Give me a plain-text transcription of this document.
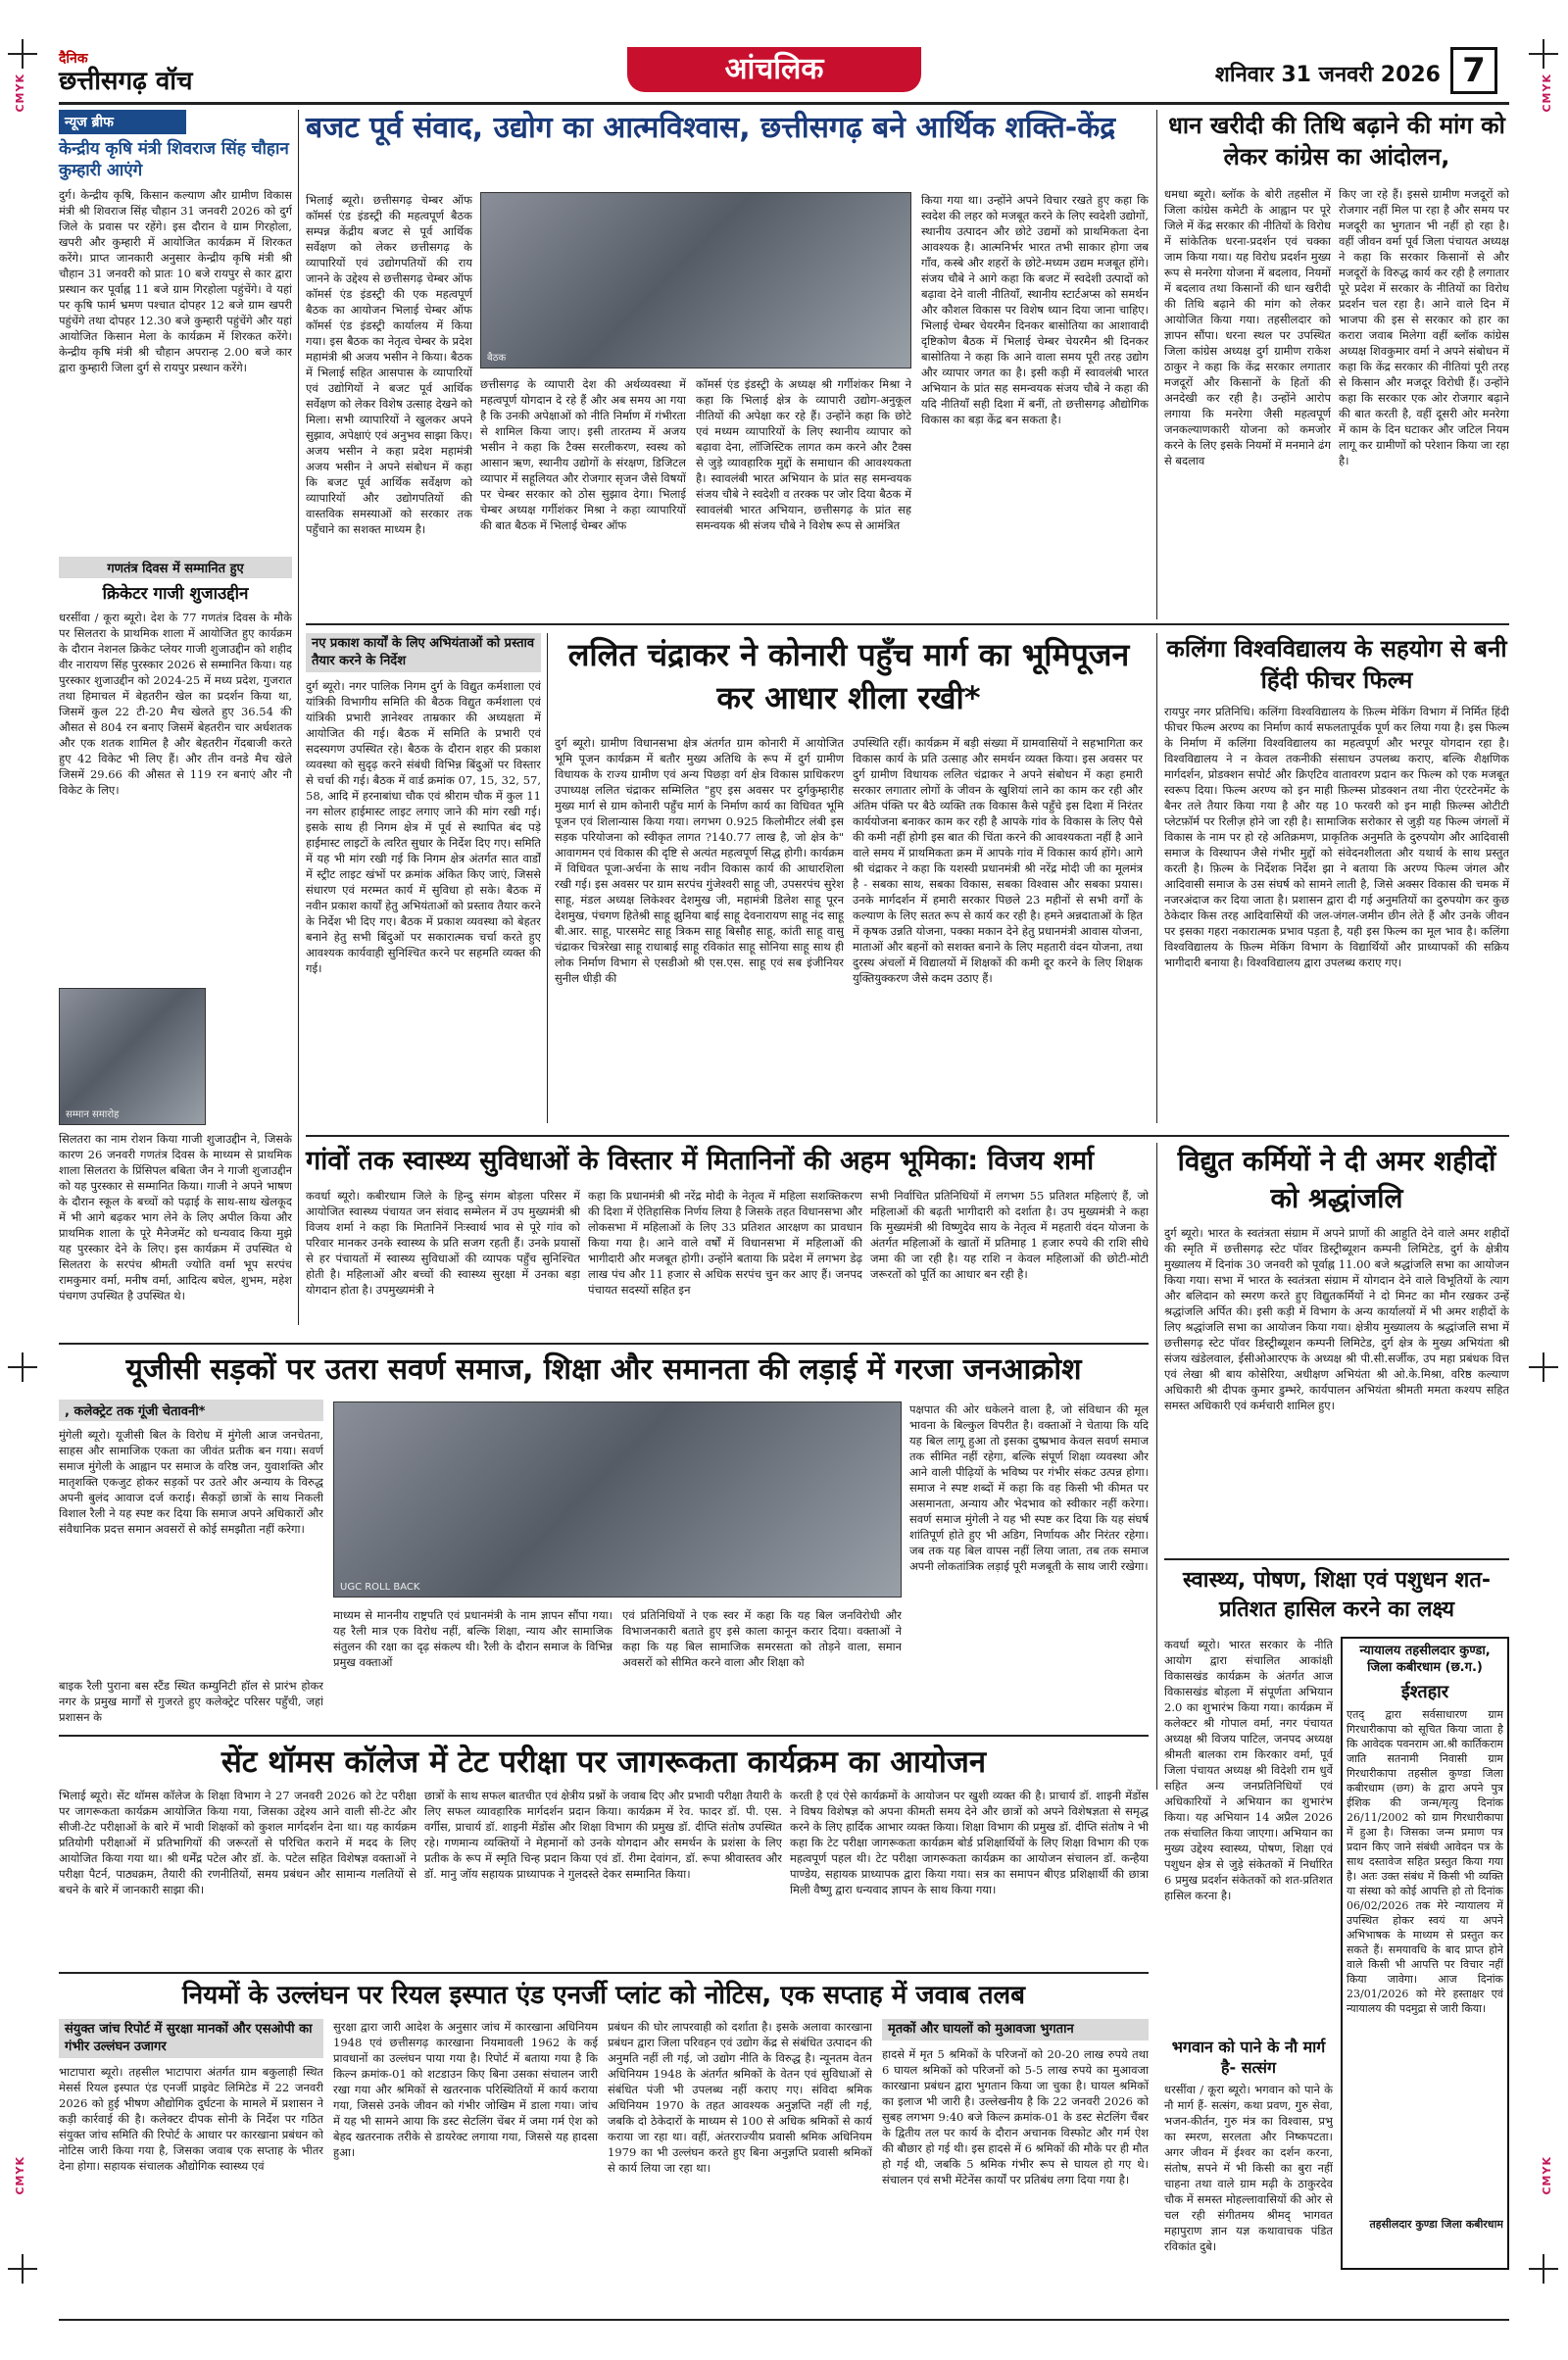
CMYK	CMYK
CMYK	CMYK
दैनिक
छत्तीसगढ़ वॉच	आंचलिक	शनिवार 31 जनवरी 2026 7
न्यूज ब्रीफ
केन्द्रीय कृषि मंत्री शिवराज सिंह चौहान कुम्हारी आएंगे
दुर्ग। केन्द्रीय कृषि, किसान कल्याण और ग्रामीण विकास मंत्री श्री शिवराज सिंह चौहान 31 जनवरी 2026 को दुर्ग जिले के प्रवास पर रहेंगे। इस दौरान वे ग्राम गिरहोला, खपरी और कुम्हारी में आयोजित कार्यक्रम में शिरकत करेंगे। प्राप्त जानकारी अनुसार केन्द्रीय कृषि मंत्री श्री चौहान 31 जनवरी को प्रातः 10 बजे रायपुर से कार द्वारा प्रस्थान कर पूर्वाह्न 11 बजे ग्राम गिरहोला पहुंचेंगे। वे यहां पर कृषि फार्म भ्रमण पश्चात दोपहर 12 बजे ग्राम खपरी पहुंचेंगे तथा दोपहर 12.30 बजे कुम्हारी पहुंचेंगे और यहां आयोजित किसान मेला के कार्यक्रम में शिरकत करेंगे। केन्द्रीय कृषि मंत्री श्री चौहान अपरान्ह 2.00 बजे कार द्वारा कुम्हारी जिला दुर्ग से रायपुर प्रस्थान करेंगे।
गणतंत्र दिवस में सम्मानित हुए
क्रिकेटर गाजी शुजाउद्दीन
धरसींवा / कूरा ब्यूरो। देश के 77 गणतंत्र दिवस के मौके पर सिलतरा के प्राथमिक शाला में आयोजित हुए कार्यक्रम के दौरान नेशनल क्रिकेट प्लेयर गाजी शुजाउद्दीन को शहीद वीर नारायण सिंह पुरस्कार 2026 से सम्मानित किया। यह पुरस्कार शुजाउद्दीन को 2024-25 में मध्य प्रदेश, गुजरात तथा हिमाचल में बेहतरीन खेल का प्रदर्शन किया था, जिसमें कुल 22 टी-20 मैच खेलते हुए 36.54 की औसत से 804 रन बनाए जिसमें बेहतरीन चार अर्धशतक और एक शतक शामिल है और बेहतरीन गेंदबाजी करते हुए 42 विकेट भी लिए हैं। और तीन वनडे मैच खेले जिसमें 29.66 की औसत से 119 रन बनाएं और नौ विकेट के लिए।
सम्मान समारोह
सिलतरा का नाम रोशन किया गाजी शुजाउद्दीन ने, जिसके कारण 26 जनवरी गणतंत्र दिवस के माध्यम से प्राथमिक शाला सिलतरा के प्रिंसिपल बबिता जैन ने गाजी शुजाउद्दीन को यह पुरस्कार से सम्मानित किया। गाजी ने अपने भाषण के दौरान स्कूल के बच्चों को पढ़ाई के साथ-साथ खेलकूद में भी आगे बढ़कर भाग लेने के लिए अपील किया और प्राथमिक शाला के पूरे मैनेजमेंट को धन्यवाद किया मुझे यह पुरस्कार देने के लिए। इस कार्यक्रम में उपस्थित थे सिलतरा के सरपंच श्रीमती ज्योति वर्मा भूप सरपंच रामकुमार वर्मा, मनीष वर्मा, आदित्य बघेल, शुभम, महेश पंचगण उपस्थित है उपस्थित थे।
बजट पूर्व संवाद, उद्योग का आत्मविश्वास, छत्तीसगढ़ बने आर्थिक शक्ति-केंद्र
भिलाई ब्यूरो। छत्तीसगढ़ चेम्बर ऑफ कॉमर्स एंड इंडस्ट्री की महत्वपूर्ण बैठक सम्पन्न केंद्रीय बजट से पूर्व आर्थिक सर्वेक्षण को लेकर छत्तीसगढ़ के व्यापारियों एवं उद्योगपतियों की राय जानने के उद्देश्य से छत्तीसगढ़ चेम्बर ऑफ कॉमर्स एंड इंडस्ट्री की एक महत्वपूर्ण बैठक का आयोजन भिलाई चेम्बर ऑफ कॉमर्स एंड इंडस्ट्री कार्यालय में किया गया। इस बैठक का नेतृत्व चेम्बर के प्रदेश महामंत्री श्री अजय भसीन ने किया। बैठक में भिलाई सहित आसपास के व्यापारियों एवं उद्योगियों ने बजट पूर्व आर्थिक सर्वेक्षण को लेकर विशेष उत्साह देखने को मिला। सभी व्यापारियों ने खुलकर अपने सुझाव, अपेक्षाएं एवं अनुभव साझा किए। अजय भसीन ने कहा प्रदेश महामंत्री अजय भसीन ने अपने संबोधन में कहा कि बजट पूर्व आर्थिक सर्वेक्षण को व्यापारियों और उद्योगपतियों की वास्तविक समस्याओं को सरकार तक पहुँचाने का सशक्त माध्यम है।
बैठक
छत्तीसगढ़ के व्यापारी देश की अर्थव्यवस्था में महत्वपूर्ण योगदान दे रहे हैं और अब समय आ गया है कि उनकी अपेक्षाओं को नीति निर्माण में गंभीरता से शामिल किया जाए। इसी तारतम्य में अजय भसीन ने कहा कि टैक्स सरलीकरण, स्वस्थ को आसान ऋण, स्थानीय उद्योगों के संरक्षण, डिजिटल व्यापार में सहूलियत और रोजगार सृजन जैसे विषयों पर चेम्बर सरकार को ठोस सुझाव देगा। भिलाई चेम्बर अध्यक्ष गर्गीशंकर मिश्रा ने कहा व्यापारियों की बात बैठक में भिलाई चेम्बर ऑफ
कॉमर्स एंड इंडस्ट्री के अध्यक्ष श्री गर्गीशंकर मिश्रा ने कहा कि भिलाई क्षेत्र के व्यापारी उद्योग-अनुकूल नीतियों की अपेक्षा कर रहे हैं। उन्होंने कहा कि छोटे एवं मध्यम व्यापारियों के लिए स्थानीय व्यापार को बढ़ावा देना, लॉजिस्टिक लागत कम करने और टैक्स से जुड़े व्यावहारिक मुद्दों के समाधान की आवश्यकता है। स्वावलंबी भारत अभियान के प्रांत सह समन्वयक संजय चौबे ने स्वदेशी व तरक्क पर जोर दिया बैठक में स्वावलंबी भारत अभियान, छत्तीसगढ़ के प्रांत सह समन्वयक श्री संजय चौबे ने विशेष रूप से आमंत्रित
किया गया था। उन्होंने अपने विचार रखते हुए कहा कि स्वदेश की लहर को मजबूत करने के लिए स्वदेशी उद्योगों, स्थानीय उत्पादन और छोटे उद्यमों को प्राथमिकता देना आवश्यक है। आत्मनिर्भर भारत तभी साकार होगा जब गाँव, कस्बे और शहरों के छोटे-मध्यम उद्यम मजबूत होंगे। संजय चौबे ने आगे कहा कि बजट में स्वदेशी उत्पादों को बढ़ावा देने वाली नीतियाँ, स्थानीय स्टार्टअप्स को समर्थन और कौशल विकास पर विशेष ध्यान दिया जाना चाहिए। भिलाई चेम्बर चेयरमैन दिनकर बासोतिया का आशावादी दृष्टिकोण बैठक में भिलाई चेम्बर चेयरमैन श्री दिनकर बासोतिया ने कहा कि आने वाला समय पूरी तरह उद्योग और व्यापार जगत का है। इसी कड़ी में स्वावलंबी भारत अभियान के प्रांत सह समन्वयक संजय चौबे ने कहा की यदि नीतियाँ सही दिशा में बनीं, तो छत्तीसगढ़ औद्योगिक विकास का बड़ा केंद्र बन सकता है।
धान खरीदी की तिथि बढ़ाने की मांग को लेकर कांग्रेस का आंदोलन,
धमधा ब्यूरो। ब्लॉक के बोरी तहसील में जिला कांग्रेस कमेटी के आह्वान पर पूरे जिले में केंद्र सरकार की नीतियों के विरोध में सांकेतिक धरना-प्रदर्शन एवं चक्का जाम किया गया। यह विरोध प्रदर्शन मुख्य रूप से मनरेगा योजना में बदलाव, नियमों में बदलाव तथा किसानों की धान खरीदी की तिथि बढ़ाने की मांग को लेकर आयोजित किया गया। तहसीलदार को ज्ञापन सौंपा। धरना स्थल पर उपस्थित जिला कांग्रेस अध्यक्ष दुर्ग ग्रामीण राकेश ठाकुर ने कहा कि केंद्र सरकार लगातार मजदूरों और किसानों के हितों की अनदेखी कर रही है। उन्होंने आरोप लगाया कि मनरेगा जैसी महत्वपूर्ण जनकल्याणकारी योजना को कमजोर करने के लिए इसके नियमों में मनमाने ढंग से बदलाव
किए जा रहे हैं। इससे ग्रामीण मजदूरों को रोजगार नहीं मिल पा रहा है और समय पर मजदूरी का भुगतान भी नहीं हो रहा है। वहीं जीवन वर्मा पूर्व जिला पंचायत अध्यक्ष ने कहा कि सरकार किसानों से और मजदूरों के विरुद्ध कार्य कर रही है लगातार पूरे प्रदेश में सरकार के नीतियों का विरोध प्रदर्शन चल रहा है। आने वाले दिन में भाजपा की इस से सरकार को हार का करारा जवाब मिलेगा वहीं ब्लॉक कांग्रेस अध्यक्ष शिवकुमार वर्मा ने अपने संबोधन में कहा कि केंद्र सरकार की नीतियां पूरी तरह से किसान और मजदूर विरोधी हैं। उन्होंने कहा कि सरकार एक ओर रोजगार बढ़ाने की बात करती है, वहीं दूसरी ओर मनरेगा में काम के दिन घटाकर और जटिल नियम लागू कर ग्रामीणों को परेशान किया जा रहा है।
नए प्रकाश कार्यों के लिए अभियंताओं को प्रस्ताव तैयार करने के निर्देश
दुर्ग ब्यूरो। नगर पालिक निगम दुर्ग के विद्युत कर्मशाला एवं यांत्रिकी विभागीय समिति की बैठक विद्युत कर्मशाला एवं यांत्रिकी प्रभारी ज्ञानेश्वर ताम्रकार की अध्यक्षता में आयोजित की गई। बैठक में समिति के प्रभारी एवं सदस्यगण उपस्थित रहे। बैठक के दौरान शहर की प्रकाश व्यवस्था को सुदृढ़ करने संबंधी विभिन्न बिंदुओं पर विस्तार से चर्चा की गई। बैठक में वार्ड क्रमांक 07, 15, 32, 57, 58, आदि में हरनाबांधा चौक एवं श्रीराम चौक में कुल 11 नग सोलर हाईमास्ट लाइट लगाए जाने की मांग रखी गई। इसके साथ ही निगम क्षेत्र में पूर्व से स्थापित बंद पड़े हाईमास्ट लाइटों के त्वरित सुधार के निर्देश दिए गए। समिति में यह भी मांग रखी गई कि निगम क्षेत्र अंतर्गत सात वार्डों में स्ट्रीट लाइट खंभों पर क्रमांक अंकित किए जाएं, जिससे संधारण एवं मरम्मत कार्य में सुविधा हो सके। बैठक में नवीन प्रकाश कार्यों हेतु अभियंताओं को प्रस्ताव तैयार करने के निर्देश भी दिए गए। बैठक में प्रकाश व्यवस्था को बेहतर बनाने हेतु सभी बिंदुओं पर सकारात्मक चर्चा करते हुए आवश्यक कार्यवाही सुनिश्चित करने पर सहमति व्यक्त की गई।
ललित चंद्राकर ने कोनारी पहुँच मार्ग का भूमिपूजन कर आधार शीला रखी*
दुर्ग ब्यूरो। ग्रामीण विधानसभा क्षेत्र अंतर्गत ग्राम कोनारी में आयोजित भूमि पूजन कार्यक्रम में बतौर मुख्य अतिथि के रूप में दुर्ग ग्रामीण विधायक के राज्य ग्रामीण एवं अन्य पिछड़ा वर्ग क्षेत्र विकास प्राधिकरण उपाध्यक्ष ललित चंद्राकर सम्मिलित "हुए इस अवसर पर दुर्गकुम्हारीह मुख्य मार्ग से ग्राम कोनारी पहुँच मार्ग के निर्माण कार्य का विधिवत भूमि पूजन एवं शिलान्यास किया गया। लगभग 0.925 किलोमीटर लंबी इस सड़क परियोजना को स्वीकृत लागत ?140.77 लाख है, जो क्षेत्र के" आवागमन एवं विकास की दृष्टि से अत्यंत महत्वपूर्ण सिद्ध होगी। कार्यक्रम में विधिवत पूजा-अर्चना के साथ नवीन विकास कार्य की आधारशिला रखी गई। इस अवसर पर ग्राम सरपंच गुंजेश्वरी साहू जी, उपसरपंच सुरेश साहू, मंडल अध्यक्ष लिकेश्वर देशमुख जी, महामंत्री डिलेश साहू पूरन देशमुख, पंचगण हितेश्री साहू झुनिया बाई साहू देवनारायण साहू नंद साहू बी.आर. साहू, पारसमेट साहू त्रिकम साहू बिसौह साहू, कांती साहू वासु चंद्राकर चित्ररेखा साहू राधाबाई साहू रविकांत साहू सोनिया साहू साथ ही लोक निर्माण विभाग से एसडीओ श्री एस.एस. साहू एवं सब इंजीनियर सुनील धीड़ी की
उपस्थिति रहीं। कार्यक्रम में बड़ी संख्या में ग्रामवासियों ने सहभागिता कर विकास कार्य के प्रति उत्साह और समर्थन व्यक्त किया। इस अवसर पर दुर्ग ग्रामीण विधायक ललित चंद्राकर ने अपने संबोधन में कहा हमारी सरकार लगातार लोगों के जीवन के खुशियां लाने का काम कर रही और अंतिम पंक्ति पर बैठे व्यक्ति तक विकास कैसे पहुँचे इस दिशा में निरंतर कार्ययोजना बनाकर काम कर रही है आपके गांव के विकास के लिए पैसे की कमी नहीं होगी इस बात की चिंता करने की आवश्यकता नहीं है आने वाले समय में प्राथमिकता क्रम में आपके गांव में विकास कार्य होंगे। आगे श्री चंद्राकर ने कहा कि यशस्वी प्रधानमंत्री श्री नरेंद्र मोदी जी का मूलमंत्र है - सबका साथ, सबका विकास, सबका विश्वास और सबका प्रयास। उनके मार्गदर्शन में हमारी सरकार पिछले 23 महीनों से सभी वर्गों के कल्याण के लिए सतत रूप से कार्य कर रही है। हमने अन्नदाताओं के हित में कृषक उन्नति योजना, पक्का मकान देने हेतु प्रधानमंत्री आवास योजना, माताओं और बहनों को सशक्त बनाने के लिए महतारी वंदन योजना, तथा दुरस्थ अंचलों में विद्यालयों में शिक्षकों की कमी दूर करने के लिए शिक्षक युक्तियुक्करण जैसे कदम उठाए हैं।
कलिंगा विश्वविद्यालय के सहयोग से बनी हिंदी फीचर फिल्म
रायपुर नगर प्रतिनिधि। कलिंगा विश्वविद्यालय के फ़िल्म मेकिंग विभाग में निर्मित हिंदी फीचर फिल्म अरण्य का निर्माण कार्य सफलतापूर्वक पूर्ण कर लिया गया है। इस फिल्म के निर्माण में कलिंगा विश्वविद्यालय का महत्वपूर्ण और भरपूर योगदान रहा है। विश्वविद्यालय ने न केवल तकनीकी संसाधन उपलब्ध कराए, बल्कि शैक्षणिक मार्गदर्शन, प्रोडक्शन सपोर्ट और क्रिएटिव वातावरण प्रदान कर फिल्म को एक मजबूत स्वरूप दिया। फिल्म अरण्य को इन माही फ़िल्म्स प्रोडक्शन तथा नीरा एंटरटेनमेंट के बैनर तले तैयार किया गया है और यह 10 फरवरी को इन माही फ़िल्म्स ओटीटी प्लेटफ़ॉर्म पर रिलीज़ होने जा रही है। सामाजिक सरोकार से जुड़ी यह फिल्म जंगलों में विकास के नाम पर हो रहे अतिक्रमण, प्राकृतिक अनुमति के दुरुपयोग और आदिवासी समाज के विस्थापन जैसे गंभीर मुद्दों को संवेदनशीलता और यथार्थ के साथ प्रस्तुत करती है। फ़िल्म के निर्देशक निर्देश झा ने बताया कि अरण्य फिल्म जंगल और आदिवासी समाज के उस संघर्ष को सामने लाती है, जिसे अक्सर विकास की चमक में नजरअंदाज कर दिया जाता है। प्रशासन द्वारा दी गई अनुमतियों का दुरुपयोग कर कुछ ठेकेदार किस तरह आदिवासियों की जल-जंगल-जमीन छीन लेते हैं और उनके जीवन पर इसका गहरा नकारात्मक प्रभाव पड़ता है, यही इस फिल्म का मूल भाव है। कलिंगा विश्वविद्यालय के फ़िल्म मेकिंग विभाग के विद्यार्थियों और प्राध्यापकों की सक्रिय भागीदारी बनाया है। विश्वविद्यालय द्वारा उपलब्ध कराए गए।
गांवों तक स्वास्थ्य सुविधाओं के विस्तार में मितानिनों की अहम भूमिका: विजय शर्मा
कवर्धा ब्यूरो। कबीरधाम जिले के हिन्दु संगम बोड़ला परिसर में आयोजित स्वास्थ्य पंचायत जन संवाद सम्मेलन में उप मुख्यमंत्री श्री विजय शर्मा ने कहा कि मितानिनें निःस्वार्थ भाव से पूरे गांव को परिवार मानकर उनके स्वास्थ्य के प्रति सजग रहती हैं। उनके प्रयासों से हर पंचायतों में स्वास्थ्य सुविधाओं की व्यापक पहुँच सुनिश्चित होती है। महिलाओं और बच्चों की स्वास्थ्य सुरक्षा में उनका बड़ा योगदान होता है। उपमुख्यमंत्री ने
कहा कि प्रधानमंत्री श्री नरेंद्र मोदी के नेतृत्व में महिला सशक्तिकरण की दिशा में ऐतिहासिक निर्णय लिया है जिसके तहत विधानसभा और लोकसभा में महिलाओं के लिए 33 प्रतिशत आरक्षण का प्रावधान किया गया है। आने वाले वर्षों में विधानसभा में महिलाओं की भागीदारी और मजबूत होगी। उन्होंने बताया कि प्रदेश में लगभग डेढ़ लाख पंच और 11 हजार से अधिक सरपंच चुन कर आए हैं। जनपद पंचायत सदस्यों सहित इन
सभी निर्वाचित प्रतिनिधियों में लगभग 55 प्रतिशत महिलाएं हैं, जो महिलाओं की बढ़ती भागीदारी को दर्शाता है। उप मुख्यमंत्री ने कहा कि मुख्यमंत्री श्री विष्णुदेव साय के नेतृत्व में महतारी वंदन योजना के अंतर्गत महिलाओं के खातों में प्रतिमाह 1 हजार रुपये की राशि सीधे जमा की जा रही है। यह राशि न केवल महिलाओं की छोटी-मोटी जरूरतों को पूर्ति का आधार बन रही है।
विद्युत कर्मियों ने दी अमर शहीदों को श्रद्धांजलि
दुर्ग ब्यूरो। भारत के स्वतंत्रता संग्राम में अपने प्राणों की आहुति देने वाले अमर शहीदों की स्मृति में छत्तीसगढ़ स्टेट पॉवर डिस्ट्रीब्यूशन कम्पनी लिमिटेड, दुर्ग के क्षेत्रीय मुख्यालय में दिनांक 30 जनवरी को पूर्वाह्न 11.00 बजे श्रद्धांजलि सभा का आयोजन किया गया। सभा में भारत के स्वतंत्रता संग्राम में योगदान देने वाले विभूतियों के त्याग और बलिदान को स्मरण करते हुए विद्युतकर्मियों ने दो मिनट का मौन रखकर उन्हें श्रद्धांजलि अर्पित की। इसी कड़ी में विभाग के अन्य कार्यालयों में भी अमर शहीदों के लिए श्रद्धांजलि सभा का आयोजन किया गया। क्षेत्रीय मुख्यालय के श्रद्धांजलि सभा में छत्तीसगढ़ स्टेट पॉवर डिस्ट्रीब्यूशन कम्पनी लिमिटेड, दुर्ग क्षेत्र के मुख्य अभियंता श्री संजय खंडेलवाल, ईसीओआरएफ के अध्यक्ष श्री पी.सी.सर्जीक, उप महा प्रबंधक वित्त एवं लेखा श्री बाय कोसेरिया, अधीक्षण अभियंता श्री ओ.के.मिश्रा, वरिष्ठ कल्याण अधिकारी श्री दीपक कुमार डुम्भरे, कार्यपालन अभियंता श्रीमती ममता कश्यप सहित समस्त अधिकारी एवं कर्मचारी शामिल हुए।
यूजीसी सड़कों पर उतरा सवर्ण समाज, शिक्षा और समानता की लड़ाई में गरजा जनआक्रोश
, कलेक्ट्रेट तक गूंजी चेतावनी*
मुंगेली ब्यूरो। यूजीसी बिल के विरोध में मुंगेली आज जनचेतना, साहस और सामाजिक एकता का जीवंत प्रतीक बन गया। सवर्ण समाज मुंगेली के आह्वान पर समाज के वरिष्ठ जन, युवाशक्ति और मातृशक्ति एकजुट होकर सड़कों पर उतरे और अन्याय के विरुद्ध अपनी बुलंद आवाज दर्ज कराई। सैकड़ों छात्रों के साथ निकली विशाल रैली ने यह स्पष्ट कर दिया कि समाज अपने अधिकारों और संवैधानिक प्रदत्त समान अवसरों से कोई समझौता नहीं करेगा।
बाइक रैली पुराना बस स्टैंड स्थित कम्युनिटी हॉल से प्रारंभ होकर नगर के प्रमुख मार्गों से गुजरते हुए कलेक्ट्रेट परिसर पहुँची, जहां प्रशासन के
UGC ROLL BACK
माध्यम से माननीय राष्ट्रपति एवं प्रधानमंत्री के नाम ज्ञापन सौंपा गया। यह रैली मात्र एक विरोध नहीं, बल्कि शिक्षा, न्याय और सामाजिक संतुलन की रक्षा का दृढ़ संकल्प थी। रैली के दौरान समाज के विभिन्न प्रमुख वक्ताओं
एवं प्रतिनिधियों ने एक स्वर में कहा कि यह बिल जनविरोधी और विभाजनकारी बताते हुए इसे काला कानून करार दिया। वक्ताओं ने कहा कि यह बिल सामाजिक समरसता को तोड़ने वाला, समान अवसरों को सीमित करने वाला और शिक्षा को
पक्षपात की ओर धकेलने वाला है, जो संविधान की मूल भावना के बिल्कुल विपरीत है। वक्ताओं ने चेताया कि यदि यह बिल लागू हुआ तो इसका दुष्प्रभाव केवल सवर्ण समाज तक सीमित नहीं रहेगा, बल्कि संपूर्ण शिक्षा व्यवस्था और आने वाली पीढ़ियों के भविष्य पर गंभीर संकट उत्पन्न होगा। समाज ने स्पष्ट शब्दों में कहा कि वह किसी भी कीमत पर असमानता, अन्याय और भेदभाव को स्वीकार नहीं करेगा। सवर्ण समाज मुंगेली ने यह भी स्पष्ट कर दिया कि यह संघर्ष शांतिपूर्ण होते हुए भी अडिग, निर्णायक और निरंतर रहेगा। जब तक यह बिल वापस नहीं लिया जाता, तब तक समाज अपनी लोकतांत्रिक लड़ाई पूरी मजबूती के साथ जारी रखेगा।
स्वास्थ्य, पोषण, शिक्षा एवं पशुधन शत-प्रतिशत हासिल करने का लक्ष्य
कवर्धा ब्यूरो। भारत सरकार के नीति आयोग द्वारा संचालित आकांक्षी विकासखंड कार्यक्रम के अंतर्गत आज विकासखंड बोड़ला में संपूर्णता अभियान 2.0 का शुभारंभ किया गया। कार्यक्रम में कलेक्टर श्री गोपाल वर्मा, नगर पंचायत अध्यक्ष श्री विजय पाटिल, जनपद अध्यक्ष श्रीमती बालका राम किरकार वर्मा, पूर्व जिला पंचायत अध्यक्ष श्री विदेशी राम धुर्वे सहित अन्य जनप्रतिनिधियों एवं अधिकारियों ने अभियान का शुभारंभ किया। यह अभियान 14 अप्रैल 2026 तक संचालित किया जाएगा। अभियान का मुख्य उद्देश्य स्वास्थ्य, पोषण, शिक्षा एवं पशुधन क्षेत्र से जुड़े संकेतकों में निर्धारित 6 प्रमुख प्रदर्शन संकेतकों को शत-प्रतिशत हासिल करना है।
न्यायालय तहसीलदार कुण्डा, जिला कबीरधाम (छ.ग.)
ईश्तहार
एतद् द्वारा सर्वसाधारण ग्राम गिरधारीकापा को सूचित किया जाता है कि आवेदक पवनराम आ.श्री कार्तिकराम जाति सतनामी निवासी ग्राम गिरधारीकापा तहसील कुण्डा जिला कबीरधाम (छग) के द्वारा अपने पुत्र ईशिक की जन्म/मृत्यु दिनांक 26/11/2002 को ग्राम गिरधारीकापा में हुआ है। जिसका जन्म प्रमाण पत्र प्रदान किए जाने संबंधी आवेदन पत्र के साथ दस्तावेज सहित प्रस्तुत किया गया है। अतः उक्त संबंध में किसी भी व्यक्ति या संस्था को कोई आपत्ति हो तो दिनांक 06/02/2026 तक मेरे न्यायालय में उपस्थित होकर स्वयं या अपने अभिभाषक के माध्यम से प्रस्तुत कर सकते हैं। समयावधि के बाद प्राप्त होने वाले किसी भी आपत्ति पर विचार नहीं किया जावेगा। आज दिनांक 23/01/2026 को मेरे हस्ताक्षर एवं न्यायालय की पदमुद्रा से जारी किया।
तहसीलदार कुण्डा जिला कबीरधाम
भगवान को पाने के नौ मार्ग है- सत्संग
धरसींवा / कूरा ब्यूरो। भगवान को पाने के नौ मार्ग हैं- सत्संग, कथा प्रवण, गुरु सेवा, भजन-कीर्तन, गुरु मंत्र का विश्वास, प्रभु का स्मरण, सरलता और निष्कपटता। अगर जीवन में ईश्वर का दर्शन करना, संतोष, सपने में भी किसी का बुरा नहीं चाहना तथा वाले ग्राम मढ़ी के ठाकुरदेव चौक में समस्त मोहल्लावासियों की ओर से चल रही संगीतमय श्रीमद् भागवत महापुराण ज्ञान यज्ञ कथावाचक पंडित रविकांत दुबे।
सेंट थॉमस कॉलेज में टेट परीक्षा पर जागरूकता कार्यक्रम का आयोजन
भिलाई ब्यूरो। सेंट थॉमस कॉलेज के शिक्षा विभाग ने 27 जनवरी 2026 को टेट परीक्षा पर जागरूकता कार्यक्रम आयोजित किया गया, जिसका उद्देश्य आने वाली सी-टेट और सीजी-टेट परीक्षाओं के बारे में भावी शिक्षकों को कुशल मार्गदर्शन देना था। यह कार्यक्रम प्रतियोगी परीक्षाओं में प्रतिभागियों की जरूरतों से परिचित कराने में मदद के लिए आयोजित किया गया था। श्री धर्मेंद्र पटेल और डॉ. के. पटेल सहित विशेषज्ञ वक्ताओं ने परीक्षा पैटर्न, पाठ्यक्रम, तैयारी की रणनीतियों, समय प्रबंधन और सामान्य गलतियों से बचने के बारे में जानकारी साझा की।
छात्रों के साथ सफल बातचीत एवं क्षेत्रीय प्रश्नों के जवाब दिए और प्रभावी परीक्षा तैयारी के लिए सफल व्यावहारिक मार्गदर्शन प्रदान किया। कार्यक्रम में रेव. फादर डॉ. पी. एस. वर्गीस, प्राचार्य डॉ. शाइनी मेंडोंस और शिक्षा विभाग की प्रमुख डॉ. दीप्ति संतोष उपस्थित रहे। गणमान्य व्यक्तियों ने मेहमानों को उनके योगदान और समर्थन के प्रशंसा के लिए प्रतीक के रूप में स्मृति चिन्ह प्रदान किया एवं डॉ. रीमा देवांगन, डॉ. रूपा श्रीवास्तव और डॉ. मानु जॉय सहायक प्राध्यापक ने गुलदस्ते देकर सम्मानित किया।
करती है एवं ऐसे कार्यक्रमों के आयोजन पर खुशी व्यक्त की है। प्राचार्य डॉ. शाइनी मेंडोंस ने विषय विशेषज्ञ को अपना कीमती समय देने और छात्रों को अपने विशेषज्ञता से समृद्ध करने के लिए हार्दिक आभार व्यक्त किया। शिक्षा विभाग की प्रमुख डॉ. दीप्ति संतोष ने भी कहा कि टेट परीक्षा जागरूकता कार्यक्रम बोर्ड प्रशिक्षार्थियों के लिए शिक्षा विभाग की एक महत्वपूर्ण पहल थी। टेट परीक्षा जागरूकता कार्यक्रम का आयोजन संचालन डॉ. कन्हैया पाण्डेय, सहायक प्राध्यापक द्वारा किया गया। सत्र का समापन बीएड प्रशिक्षार्थी की छात्रा मिली वैष्णु द्वारा धन्यवाद ज्ञापन के साथ किया गया।
नियमों के उल्लंघन पर रियल इस्पात एंड एनर्जी प्लांट को नोटिस, एक सप्ताह में जवाब तलब
संयुक्त जांच रिपोर्ट में सुरक्षा मानकों और एसओपी का गंभीर उल्लंघन उजागर
भाटापारा ब्यूरो। तहसील भाटापारा अंतर्गत ग्राम बकुलाही स्थित मेसर्स रियल इस्पात एंड एनर्जी प्राइवेट लिमिटेड में 22 जनवरी 2026 को हुई भीषण औद्योगिक दुर्घटना के मामले में प्रशासन ने कड़ी कार्रवाई की है। कलेक्टर दीपक सोनी के निर्देश पर गठित संयुक्त जांच समिति की रिपोर्ट के आधार पर कारखाना प्रबंधन को नोटिस जारी किया गया है, जिसका जवाब एक सप्ताह के भीतर देना होगा। सहायक संचालक औद्योगिक स्वास्थ्य एवं
सुरक्षा द्वारा जारी आदेश के अनुसार जांच में कारखाना अधिनियम 1948 एवं छत्तीसगढ़ कारखाना नियमावली 1962 के कई प्रावधानों का उल्लंघन पाया गया है। रिपोर्ट में बताया गया है कि किल्न क्रमांक-01 को शटडाउन किए बिना उसका संचालन जारी रखा गया और श्रमिकों से खतरनाक परिस्थितियों में कार्य कराया गया, जिससे उनके जीवन को गंभीर जोखिम में डाला गया। जांच में यह भी सामने आया कि डस्ट सेटलिंग चेंबर में जमा गर्म ऐश को बेहद खतरनाक तरीके से डायरेक्ट लगाया गया, जिससे यह हादसा हुआ।
प्रबंधन की घोर लापरवाही को दर्शाता है। इसके अलावा कारखाना प्रबंधन द्वारा जिला परिवहन एवं उद्योग केंद्र से संबंधित उत्पादन की अनुमति नहीं ली गई, जो उद्योग नीति के विरुद्ध है। न्यूनतम वेतन अधिनियम 1948 के अंतर्गत श्रमिकों के वेतन एवं सुविधाओं से संबंधित पंजी भी उपलब्ध नहीं कराए गए। संविदा श्रमिक अधिनियम 1970 के तहत आवश्यक अनुज्ञप्ति नहीं ली गई, जबकि दो ठेकेदारों के माध्यम से 100 से अधिक श्रमिकों से कार्य कराया जा रहा था। वहीं, अंतरराज्यीय प्रवासी श्रमिक अधिनियम 1979 का भी उल्लंघन करते हुए बिना अनुज्ञप्ति प्रवासी श्रमिकों से कार्य लिया जा रहा था।
मृतकों और घायलों को मुआवजा भुगतान
हादसे में मृत 5 श्रमिकों के परिजनों को 20-20 लाख रुपये तथा 6 घायल श्रमिकों को परिजनों को 5-5 लाख रुपये का मुआवजा कारखाना प्रबंधन द्वारा भुगतान किया जा चुका है। घायल श्रमिकों का इलाज भी जारी है। उल्लेखनीय है कि 22 जनवरी 2026 को सुबह लगभग 9:40 बजे किल्न क्रमांक-01 के डस्ट सेटलिंग चैंबर के द्वितीय तल पर कार्य के दौरान अचानक विस्फोट और गर्म ऐश की बौछार हो गई थी। इस हादसे में 6 श्रमिकों की मौके पर ही मौत हो गई थी, जबकि 5 श्रमिक गंभीर रूप से घायल हो गए थे। संचालन एवं सभी मेंटेनेंस कार्यों पर प्रतिबंध लगा दिया गया है।
